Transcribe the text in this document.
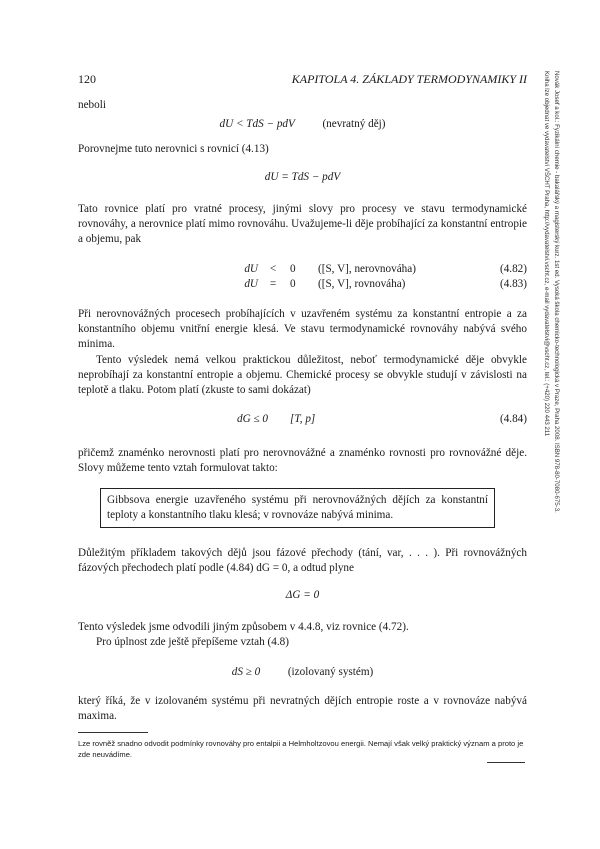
120	KAPITOLA 4. ZÁKLADY TERMODYNAMIKY II
neboli
dU < TdS − pdV (nevratný děj)
Porovnejme tuto nerovnici s rovnicí (4.13)
dU = TdS − pdV
Tato rovnice platí pro vratné procesy, jinými slovy pro procesy ve stavu termodynamické rovnováhy, a nerovnice platí mimo rovnováhu. Uvažujeme-li děje probíhající za konstantní entropie a objemu, pak
dU	<	0 ([S, V], nerovnováha)	(4.82)
dU	=	0 ([S, V], rovnováha)	(4.83)
Při nerovnovážných procesech probíhajících v uzavřeném systému za konstantní entropie a za konstantního objemu vnitřní energie klesá. Ve stavu termodynamické rovnováhy nabývá svého minima.
Tento výsledek nemá velkou praktickou důležitost, neboť termodynamické děje obvykle neprobíhají za konstantní entropie a objemu. Chemické procesy se obvykle studují v závislosti na teplotě a tlaku. Potom platí (zkuste to sami dokázat)
dG ≤ 0 [T, p]	(4.84)
přičemž znaménko nerovnosti platí pro nerovnovážné a znaménko rovnosti pro rovnovážné děje. Slovy můžeme tento vztah formulovat takto:
Gibbsova energie uzavřeného systému při nerovnovážných dějích za konstantní teploty a konstantního tlaku klesá; v rovnováze nabývá minima.
Důležitým příkladem takových dějů jsou fázové přechody (tání, var, . . . ). Při rovnovážných fázových přechodech platí podle (4.84) dG = 0, a odtud plyne
ΔG = 0
Tento výsledek jsme odvodili jiným způsobem v 4.4.8, viz rovnice (4.72).
Pro úplnost zde ještě přepíšeme vztah (4.8)
dS ≥ 0 (izolovaný systém)
který říká, že v izolovaném systému při nevratných dějích entropie roste a v rovnováze nabývá maxima.
Lze rovněž snadno odvodit podmínky rovnováhy pro entalpii a Helmholtzovou energii. Nemají však velký praktický význam a proto je zde neuvádíme.
Novák Josef a kol.: Fyzikální chemie - bakalářský a magisterský kurz. 1st ed. Vysoká škola chemicko-technologická v Praze, Praha 2008. ISBN 978-80-7080-675-3.
Kniha lze objednat ve vydavatelství VŠCHT Praha, http://vydavatelstvi.vscht.cz, e-mail vydavatelstvi@vscht.cz, tel.: (+420) 220 443 211
